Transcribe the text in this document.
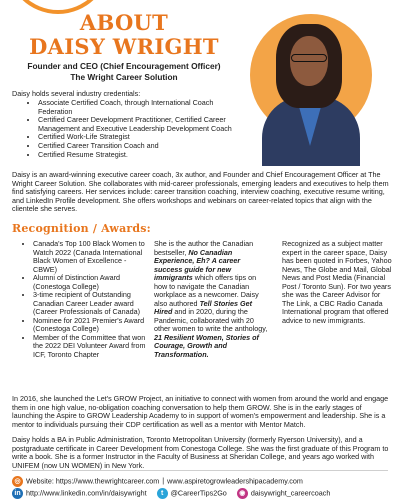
ABOUT
DAISY WRIGHT
Founder and CEO (Chief Encouragement Officer)
The Wright Career Solution
Daisy holds several industry credentials:
• Associate Certified Coach, through International Coach Federation
• Certified Career Development Practitioner, Certified Career Management and Executive Leadership Development Coach
• Certified Work-Life Strategist
• Certified Career Transition Coach and
• Certified Resume Strategist.
Daisy is an award-winning executive career coach, 3x author, and Founder and Chief Encouragement Officer at The Wright Career Solution. She collaborates with mid-career professionals, emerging leaders and executives to help them find satisfying careers. Her services include: career transition coaching, interview coaching, executive resume writing, and LinkedIn Profile development. She offers workshops and webinars on career-related topics that align with the clientele she serves.
Recognition / Awards:
• Canada's Top 100 Black Women to Watch 2022 (Canada International Black Women of Excellence - CBWE)
• Alumni of Distinction Award (Conestoga College)
• 3-time recipient of Outstanding Canadian Career Leader award (Career Professionals of Canada)
• Nominee for 2021 Premier's Award (Conestoga College)
• Member of the Committee that won the 2022 DEI Volunteer Award from ICF, Toronto Chapter
She is the author the Canadian bestseller, No Canadian Experience, Eh? A career success guide for new immigrants which offers tips on how to navigate the Canadian workplace as a newcomer. Daisy also authored Tell Stories Get Hired and in 2020, during the Pandemic, collaborated with 20 other women to write the anthology, 21 Resilient Women, Stories of Courage, Growth and Transformation.
Recognized as a subject matter expert in the career space, Daisy has been quoted in Forbes, Yahoo News, The Globe and Mail, Global News and Post Media (Financial Post / Toronto Sun). For two years she was the Career Advisor for The Link, a CBC Radio Canada International program that offered advice to new immigrants.
In 2016, she launched the Let's GROW Project, an initiative to connect with women from around the world and engage them in one high value, no-obligation coaching conversation to help them GROW. She is in the early stages of launching the Aspire to GROW Leadership Academy to in support of women's empowerment and leadership. She is a mentor to individuals pursuing their CDP certification as well as a mentor with Mentor Match.
Daisy holds a BA in Public Administration, Toronto Metropolitan University (formerly Ryerson University), and a postgraduate certificate in Career Development from Conestoga College. She was the first graduate of this Program to write a book. She is a former Instructor in the Faculty of Business at Sheridan College, and years ago worked with UNIFEM (now UN WOMEN) in New York.
◎ Website: https://www.thewrightcareer.com | www.aspiretogrowleadershipacademy.com
in http://www.linkedin.com/in/daisywright	t	@CareerTips2Go	◉ daisywright_careercoach
